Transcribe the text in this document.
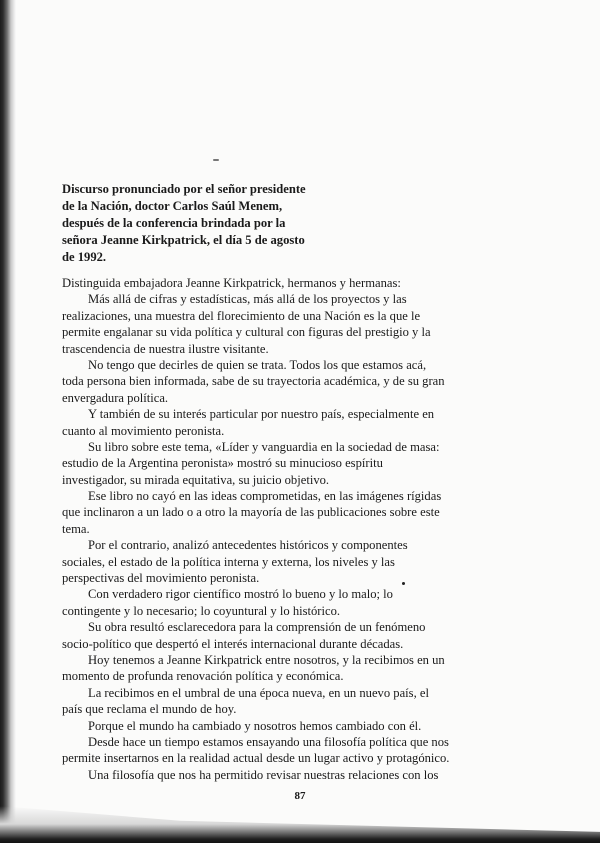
Discurso pronunciado por el señor presidente
de la Nación, doctor Carlos Saúl Menem,
después de la conferencia brindada por la
señora Jeanne Kirkpatrick, el día 5 de agosto
de 1992.
Distinguida embajadora Jeanne Kirkpatrick, hermanos y hermanas:
Más allá de cifras y estadísticas, más allá de los proyectos y las
realizaciones, una muestra del florecimiento de una Nación es la que le
permite engalanar su vida política y cultural con figuras del prestigio y la
trascendencia de nuestra ilustre visitante.
No tengo que decirles de quien se trata. Todos los que estamos acá,
toda persona bien informada, sabe de su trayectoria académica, y de su gran
envergadura política.
Y también de su interés particular por nuestro país, especialmente en
cuanto al movimiento peronista.
Su libro sobre este tema, «Líder y vanguardia en la sociedad de masa:
estudio de la Argentina peronista» mostró su minucioso espíritu
investigador, su mirada equitativa, su juicio objetivo.
Ese libro no cayó en las ideas comprometidas, en las imágenes rígidas
que inclinaron a un lado o a otro la mayoría de las publicaciones sobre este
tema.
Por el contrario, analizó antecedentes históricos y componentes
sociales, el estado de la política interna y externa, los niveles y las
perspectivas del movimiento peronista.
Con verdadero rigor científico mostró lo bueno y lo malo; lo
contingente y lo necesario; lo coyuntural y lo histórico.
Su obra resultó esclarecedora para la comprensión de un fenómeno
socio-político que despertó el interés internacional durante décadas.
Hoy tenemos a Jeanne Kirkpatrick entre nosotros, y la recibimos en un
momento de profunda renovación política y económica.
La recibimos en el umbral de una época nueva, en un nuevo país, el
país que reclama el mundo de hoy.
Porque el mundo ha cambiado y nosotros hemos cambiado con él.
Desde hace un tiempo estamos ensayando una filosofía política que nos
permite insertarnos en la realidad actual desde un lugar activo y protagónico.
Una filosofía que nos ha permitido revisar nuestras relaciones con los
87
